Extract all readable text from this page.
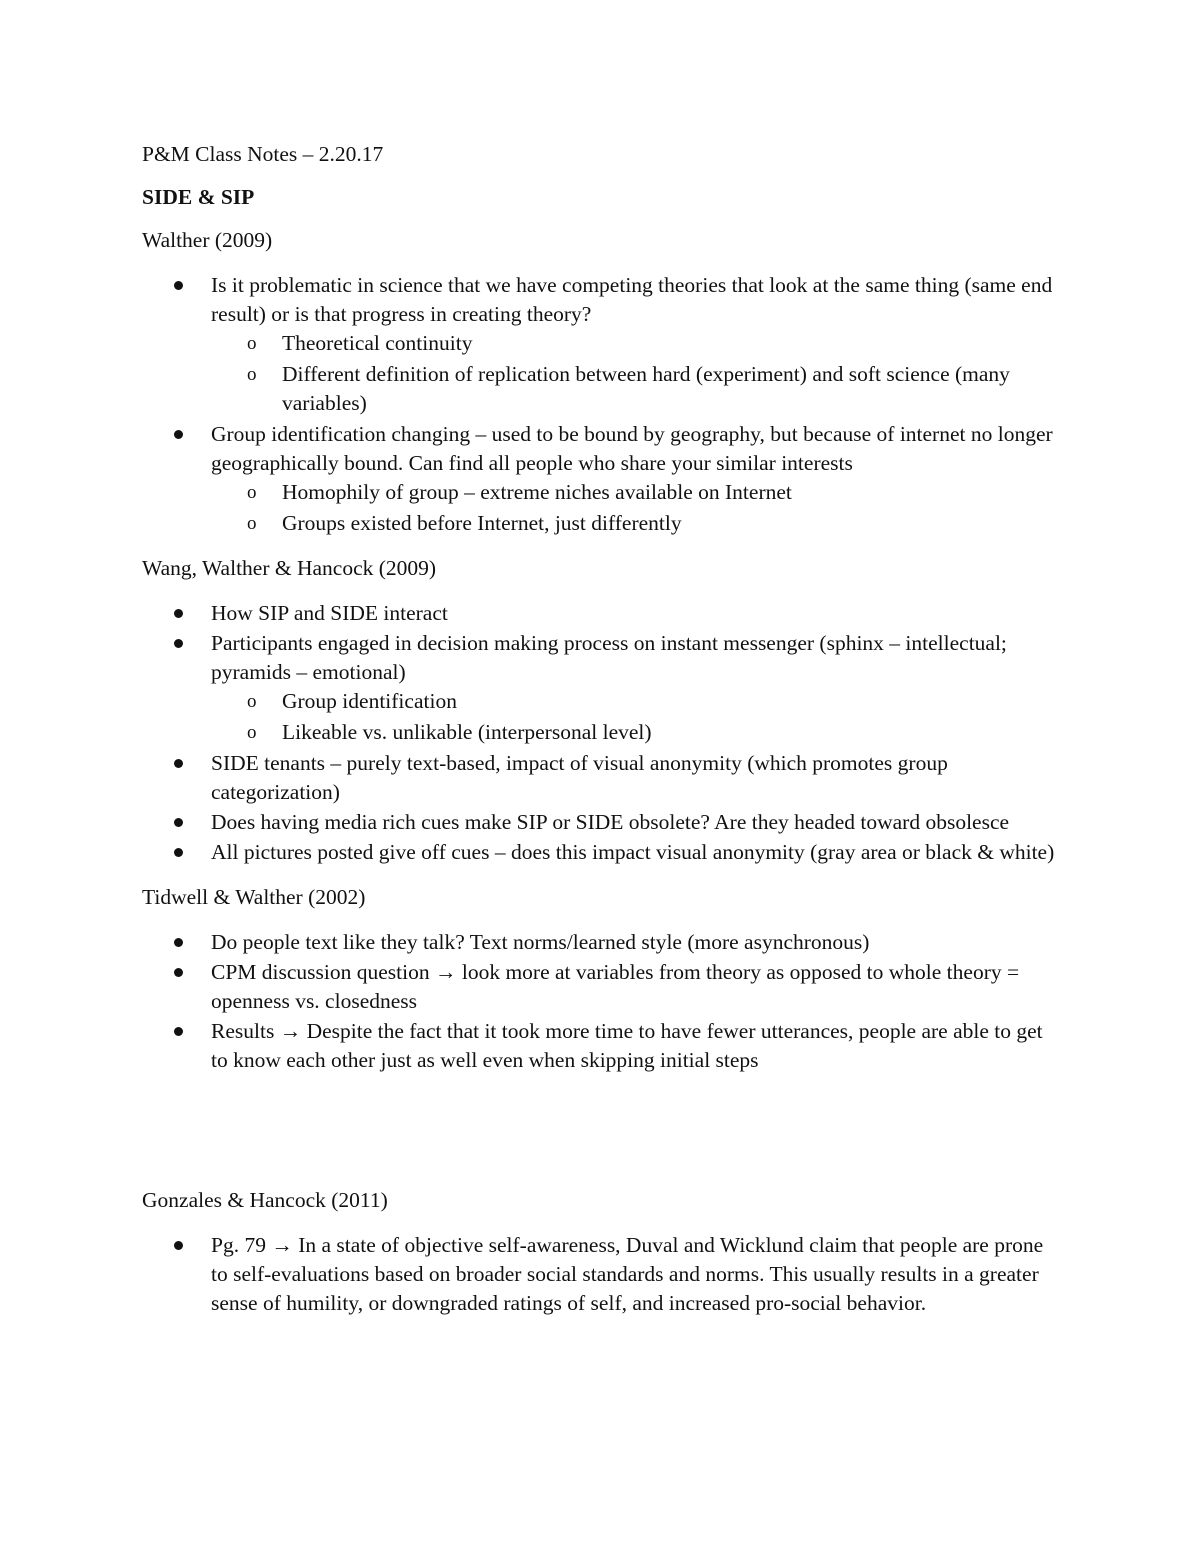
P&M Class Notes – 2.20.17
SIDE & SIP
Walther (2009)
Is it problematic in science that we have competing theories that look at the same thing (same end result) or is that progress in creating theory?
o Theoretical continuity
o Different definition of replication between hard (experiment) and soft science (many variables)
Group identification changing – used to be bound by geography, but because of internet no longer geographically bound. Can find all people who share your similar interests
o Homophily of group – extreme niches available on Internet
o Groups existed before Internet, just differently
Wang, Walther & Hancock (2009)
How SIP and SIDE interact
Participants engaged in decision making process on instant messenger (sphinx – intellectual; pyramids – emotional)
o Group identification
o Likeable vs. unlikable (interpersonal level)
SIDE tenants – purely text-based, impact of visual anonymity (which promotes group categorization)
Does having media rich cues make SIP or SIDE obsolete? Are they headed toward obsolesce
All pictures posted give off cues – does this impact visual anonymity (gray area or black & white)
Tidwell & Walther (2002)
Do people text like they talk? Text norms/learned style (more asynchronous)
CPM discussion question → look more at variables from theory as opposed to whole theory = openness vs. closedness
Results → Despite the fact that it took more time to have fewer utterances, people are able to get to know each other just as well even when skipping initial steps
Gonzales & Hancock (2011)
Pg. 79 → In a state of objective self-awareness, Duval and Wicklund claim that people are prone to self-evaluations based on broader social standards and norms. This usually results in a greater sense of humility, or downgraded ratings of self, and increased pro-social behavior.
